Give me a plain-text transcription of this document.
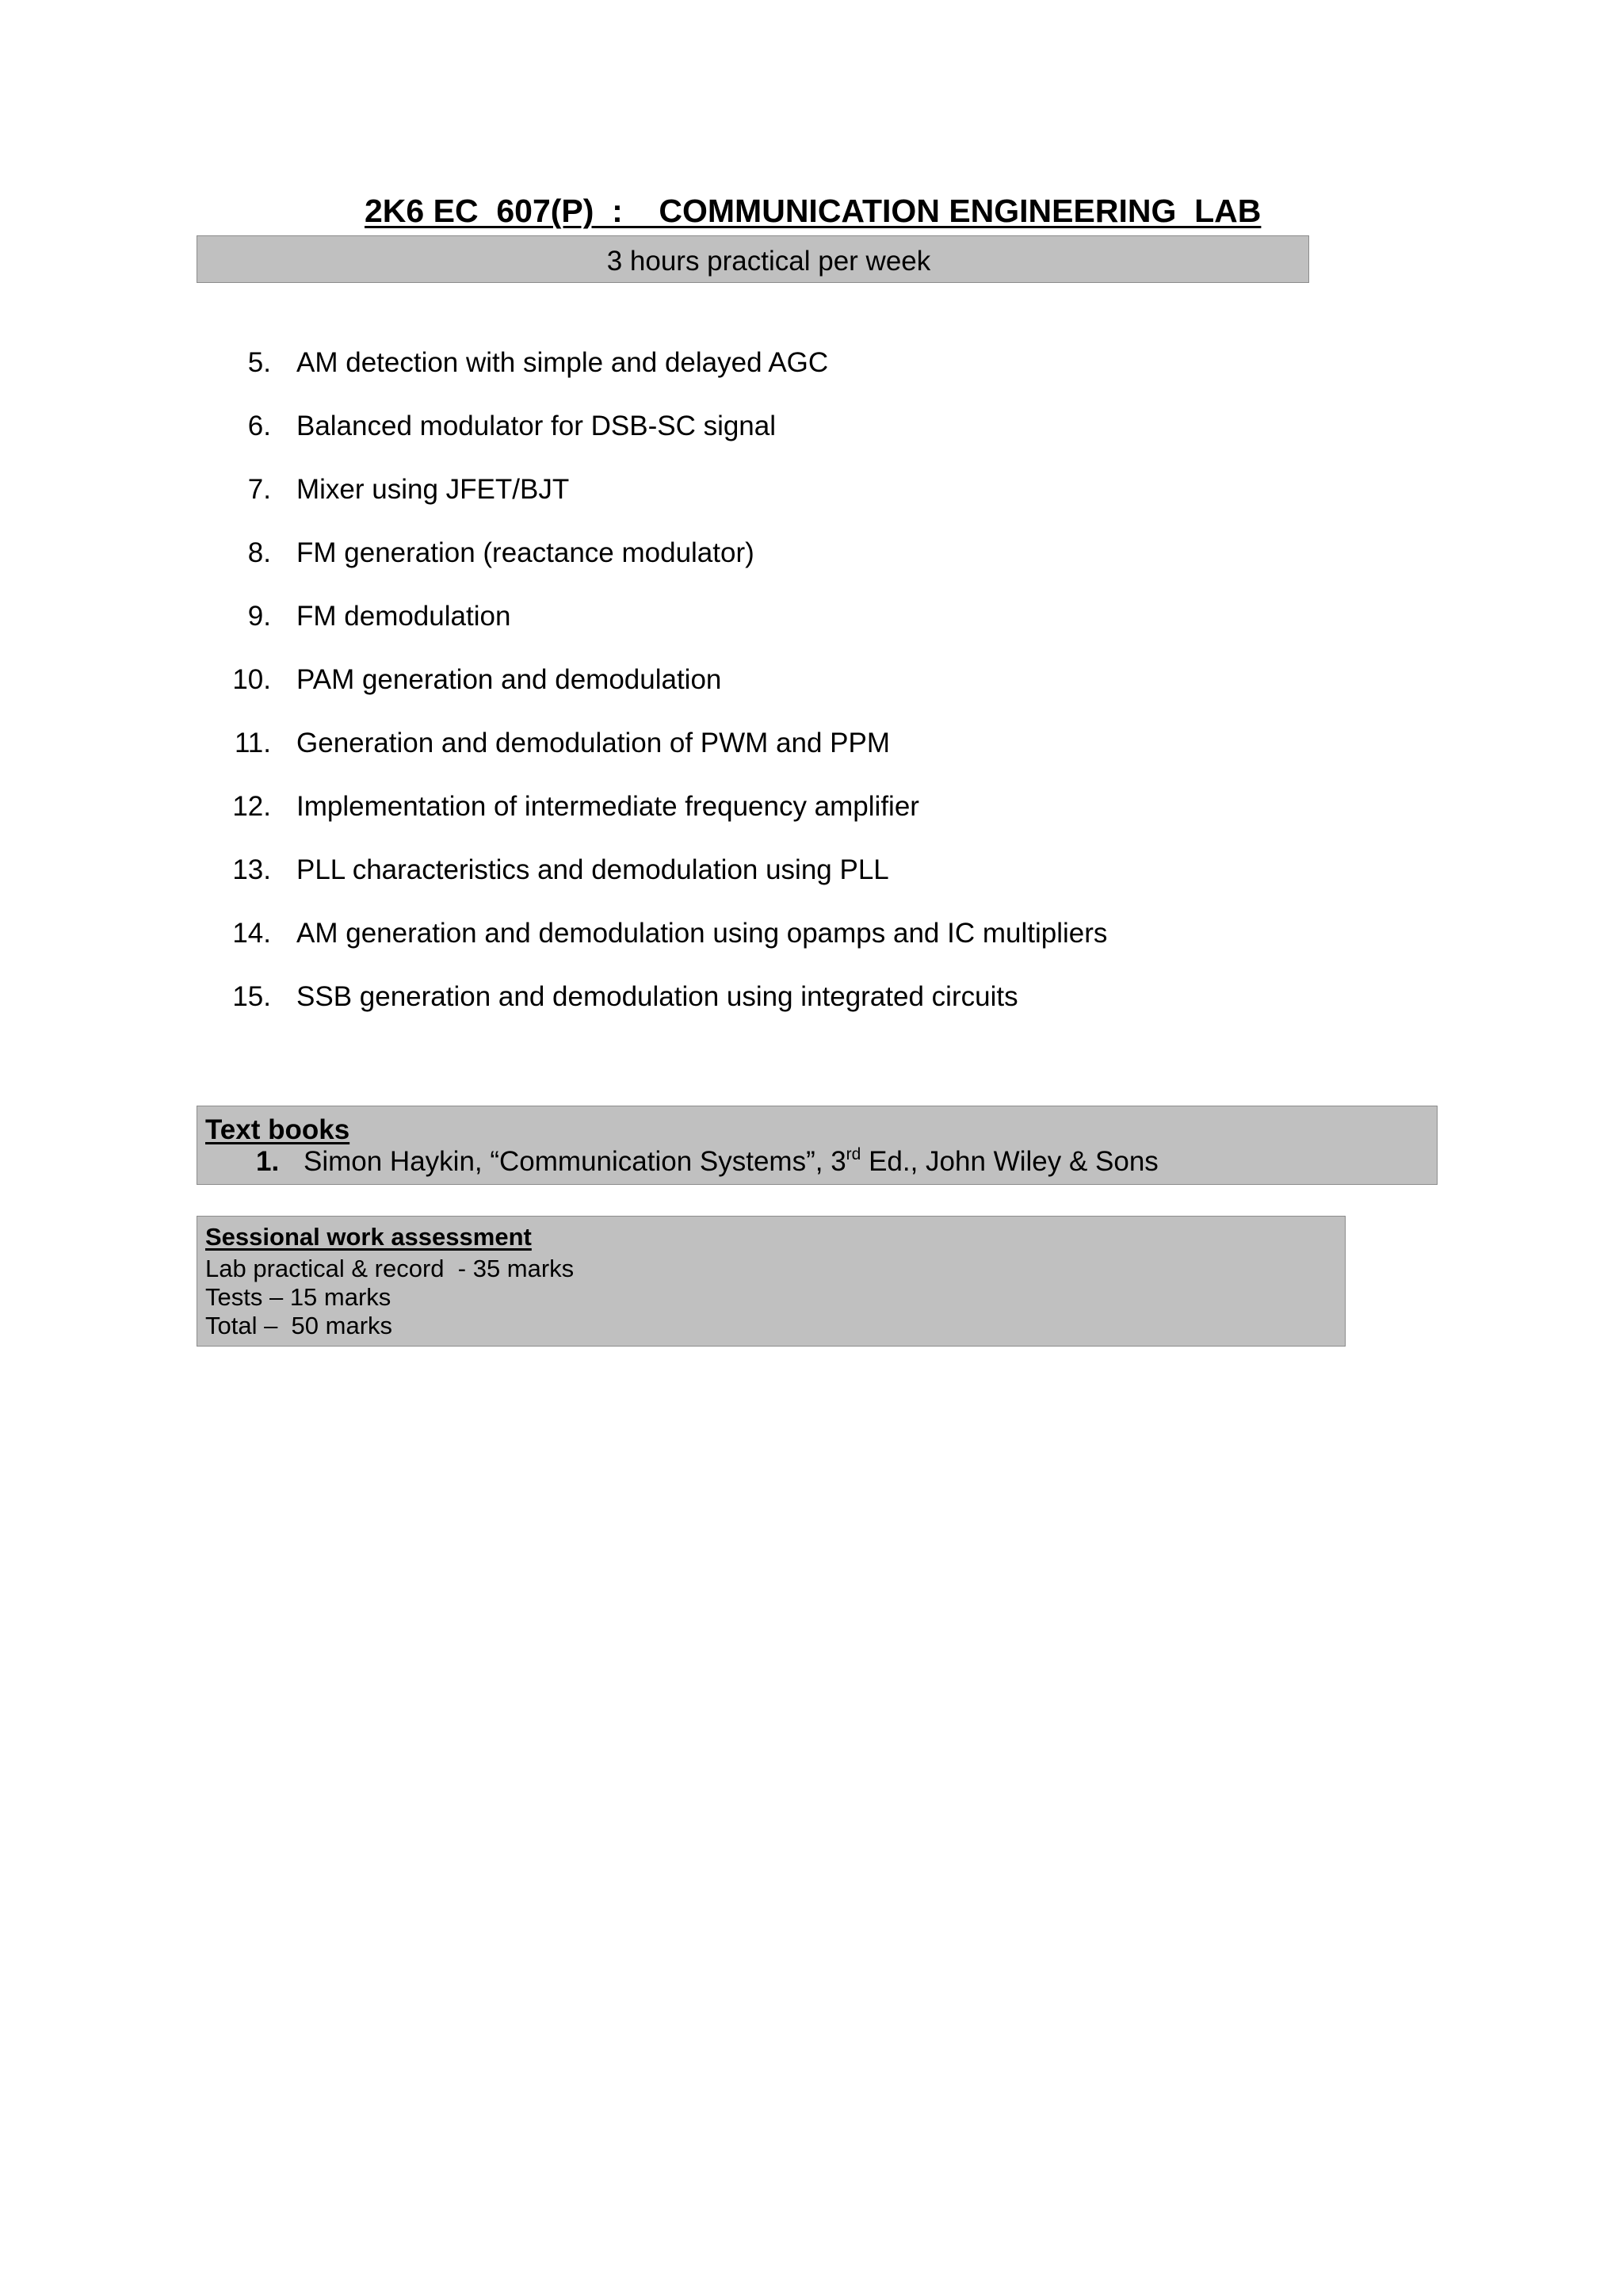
2K6 EC  607(P)  :    COMMUNICATION ENGINEERING  LAB
3 hours practical per week
5. AM detection with simple and delayed AGC
6. Balanced modulator for DSB-SC signal
7. Mixer using JFET/BJT
8. FM generation (reactance modulator)
9. FM demodulation
10. PAM generation and demodulation
11. Generation and demodulation of PWM and PPM
12. Implementation of intermediate frequency amplifier
13. PLL characteristics and demodulation using PLL
14. AM generation and demodulation using opamps and IC multipliers
15. SSB generation and demodulation using integrated circuits
Text books
1. Simon Haykin, “Communication Systems”, 3rd Ed., John Wiley & Sons
Sessional work assessment
Lab practical & record  - 35 marks
Tests – 15 marks
Total –  50 marks
